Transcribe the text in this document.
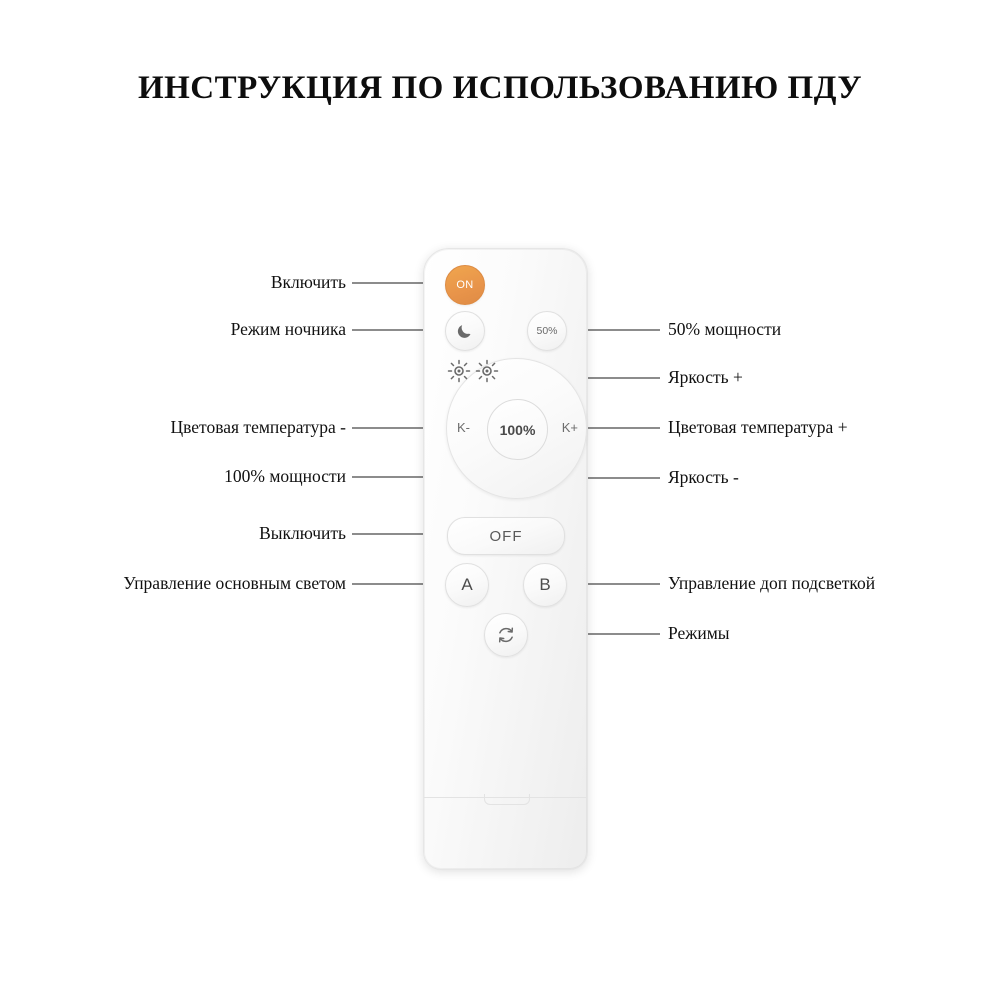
ИНСТРУКЦИЯ ПО ИСПОЛЬЗОВАНИЮ ПДУ
ON
50%
K-	K+

100%
OFF
A	B
Включить
Режим ночника
Цветовая температура -
100% мощности
Выключить
Управление основным светом
50% мощности
Яркость +
Цветовая температура +
Яркость -
Управление доп подсветкой
Режимы
